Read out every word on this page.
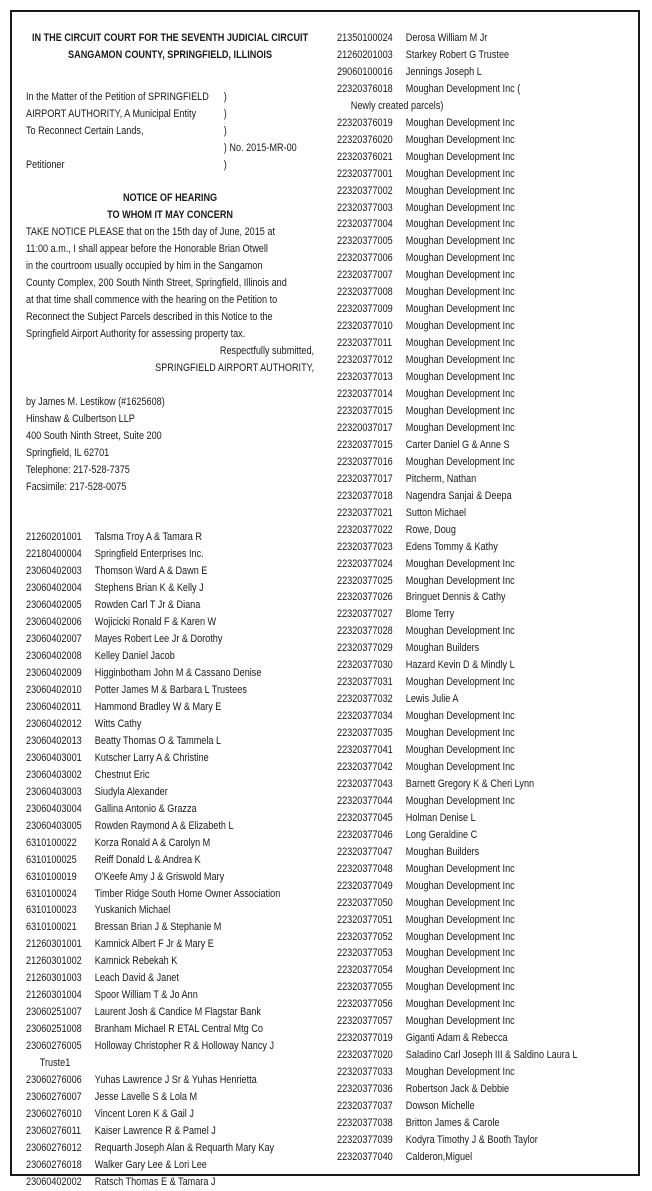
IN THE CIRCUIT COURT FOR THE SEVENTH JUDICIAL CIRCUIT
SANGAMON COUNTY, SPRINGFIELD, ILLINOIS
In the Matter of the Petition of SPRINGFIELD )
AIRPORT AUTHORITY, A Municipal Entity	)
To Reconnect Certain Lands,	)
) No. 2015-MR-00
Petitioner	)
NOTICE OF HEARING
TO WHOM IT MAY CONCERN
TAKE NOTICE PLEASE that on the 15th day of June, 2015 at
11:00 a.m., I shall appear before the Honorable Brian Otwell
in the courtroom usually occupied by him in the Sangamon
County Complex, 200 South Ninth Street, Springfield, Illinois and
at that time shall commence with the hearing on the Petition to
Reconnect the Subject Parcels described in this Notice to the
Springfield Airport Authority for assessing property tax.
Respectfully submitted,
SPRINGFIELD AIRPORT AUTHORITY,
by James M. Lestikow (#1625608)
Hinshaw & Culbertson LLP
400 South Ninth Street, Suite 200
Springfield, IL 62701
Telephone: 217-528-7375
Facsimile: 217-528-0075
21260201001 Talsma Troy A & Tamara R
22180400004 Springfield Enterprises Inc.
23060402003 Thomson Ward A & Dawn E
23060402004 Stephens Brian K & Kelly J
23060402005 Rowden Carl T Jr & Diana
23060402006 Wojicicki Ronald F & Karen W
23060402007 Mayes Robert Lee Jr & Dorothy
23060402008 Kelley Daniel Jacob
23060402009 Higginbotham John M & Cassano Denise
23060402010 Potter James M & Barbara L Trustees
23060402011 Hammond Bradley W & Mary E
23060402012 Witts Cathy
23060402013 Beatty Thomas O & Tammela L
23060403001 Kutscher Larry A & Christine
23060403002 Chestnut Eric
23060403003 Siudyla Alexander
23060403004 Gallina Antonio & Grazza
23060403005 Rowden Raymond A & Elizabeth L
6310100022 Korza Ronald A & Carolyn M
6310100025 Reiff Donald L & Andrea K
6310100019 O'Keefe Amy J & Griswold Mary
6310100024 Timber Ridge South Home Owner Association
6310100023 Yuskanich Michael
6310100021 Bressan Brian J & Stephanie M
21260301001 Kamnick Albert F Jr & Mary E
21260301002 Kamnick Rebekah K
21260301003 Leach David & Janet
21260301004 Spoor William T & Jo Ann
23060251007 Laurent Josh & Candice M Flagstar Bank
23060251008 Branham Michael R ETAL Central Mtg Co
23060276005 Holloway Christopher R & Holloway Nancy J
Truste1
23060276006 Yuhas Lawrence J Sr & Yuhas Henrietta
23060276007 Jesse Lavelle S & Lola M
23060276010 Vincent Loren K & Gail J
23060276011 Kaiser Lawrence R & Pamel J
23060276012 Requarth Joseph Alan & Requarth Mary Kay
23060276018 Walker Gary Lee & Lori Lee
23060402002 Ratsch Thomas E & Tamara J
21350100024 Derosa William M Jr
21260201003 Starkey Robert G Trustee
29060100016 Jennings Joseph L
22320376018 Moughan Development Inc (
Newly created parcels)
22320376019 Moughan Development Inc
22320376020 Moughan Development Inc
22320376021 Moughan Development Inc
22320377001 Moughan Development Inc
22320377002 Moughan Development Inc
22320377003 Moughan Development Inc
22320377004 Moughan Development Inc
22320377005 Moughan Development Inc
22320377006 Moughan Development Inc
22320377007 Moughan Development Inc
22320377008 Moughan Development Inc
22320377009 Moughan Development Inc
22320377010 Moughan Development Inc
22320377011 Moughan Development Inc
22320377012 Moughan Development Inc
22320377013 Moughan Development Inc
22320377014 Moughan Development Inc
22320377015 Moughan Development Inc
22320037017 Moughan Development Inc
22320377015 Carter Daniel G & Anne S
22320377016 Moughan Development Inc
22320377017 Pitcherm, Nathan
22320377018 Nagendra Sanjai & Deepa
22320377021 Sutton Michael
22320377022 Rowe, Doug
22320377023 Edens Tommy & Kathy
22320377024 Moughan Development Inc
22320377025 Moughan Development Inc
22320377026 Bringuet Dennis & Cathy
22320377027 Blome Terry
22320377028 Moughan Development Inc
22320377029 Moughan Builders
22320377030 Hazard Kevin D & Mindly L
22320377031 Moughan Development Inc
22320377032 Lewis Julie A
22320377034 Moughan Development Inc
22320377035 Moughan Development Inc
22320377041 Moughan Development Inc
22320377042 Moughan Development Inc
22320377043 Barnett Gregory K & Cheri Lynn
22320377044 Moughan Development Inc
22320377045 Holman Denise L
22320377046 Long Geraldine C
22320377047 Moughan Builders
22320377048 Moughan Development Inc
22320377049 Moughan Development Inc
22320377050 Moughan Development Inc
22320377051 Moughan Development Inc
22320377052 Moughan Development Inc
22320377053 Moughan Development Inc
22320377054 Moughan Development Inc
22320377055 Moughan Development Inc
22320377056 Moughan Development Inc
22320377057 Moughan Development Inc
22320377019 Giganti Adam & Rebecca
22320377020 Saladino Carl Joseph III & Saldino Laura L
22320377033 Moughan Development Inc
22320377036 Robertson Jack & Debbie
22320377037 Dowson Michelle
22320377038 Britton James & Carole
22320377039 Kodyra Timothy J & Booth Taylor
22320377040 Calderon,Miguel
